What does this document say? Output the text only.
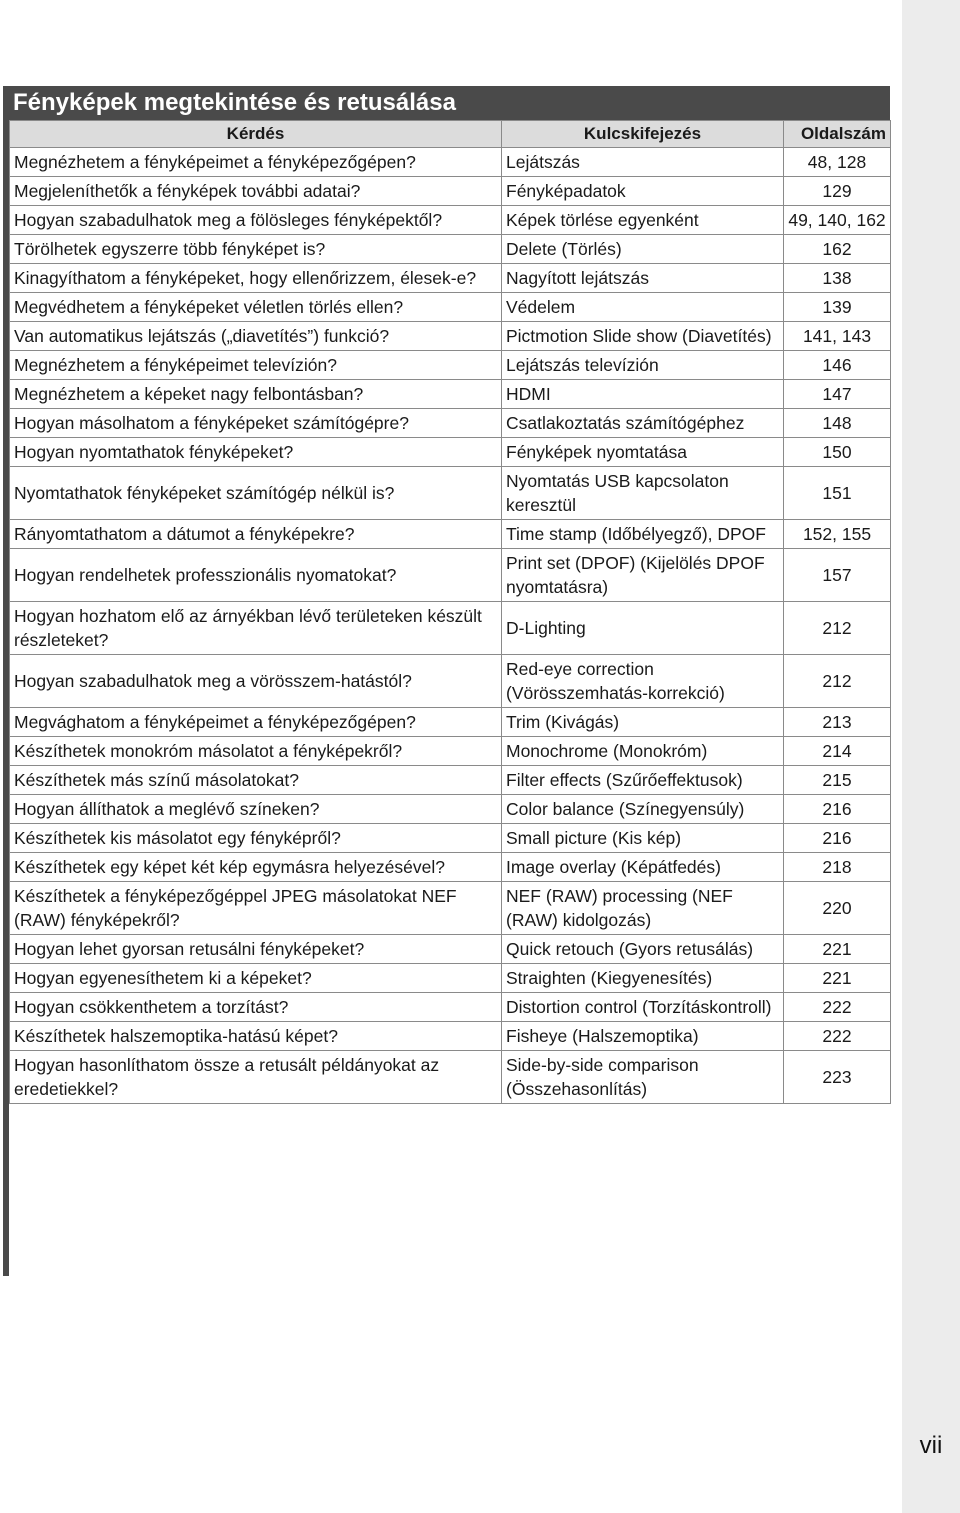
Fényképek megtekintése és retusálása
Kérdés	Kulcskifejezés	Oldalszám
Megnézhetem a fényképeimet a fényképezőgépen?	Lejátszás	48, 128
Megjeleníthetők a fényképek további adatai?	Fényképadatok	129
Hogyan szabadulhatok meg a fölösleges fényképektől?	Képek törlése egyenként	49, 140, 162
Törölhetek egyszerre több fényképet is?	Delete (Törlés)	162
Kinagyíthatom a fényképeket, hogy ellenőrizzem, élesek-e?	Nagyított lejátszás	138
Megvédhetem a fényképeket véletlen törlés ellen?	Védelem	139
Van automatikus lejátszás („diavetítés”) funkció?	Pictmotion Slide show (Diavetítés)	141, 143
Megnézhetem a fényképeimet televízión?	Lejátszás televízión	146
Megnézhetem a képeket nagy felbontásban?	HDMI	147
Hogyan másolhatom a fényképeket számítógépre?	Csatlakoztatás számítógéphez	148
Hogyan nyomtathatok fényképeket?	Fényképek nyomtatása	150
Nyomtathatok fényképeket számítógép nélkül is?	Nyomtatás USB kapcsolaton keresztül	151
Rányomtathatom a dátumot a fényképekre?	Time stamp (Időbélyegző), DPOF	152, 155
Hogyan rendelhetek professzionális nyomatokat?	Print set (DPOF) (Kijelölés DPOF nyomtatásra)	157
Hogyan hozhatom elő az árnyékban lévő területeken készült részleteket?	D-Lighting	212
Hogyan szabadulhatok meg a vörösszem-hatástól?	Red-eye correction (Vörösszemhatás-korrekció)	212
Megvághatom a fényképeimet a fényképezőgépen?	Trim (Kivágás)	213
Készíthetek monokróm másolatot a fényképekről?	Monochrome (Monokróm)	214
Készíthetek más színű másolatokat?	Filter effects (Szűrőeffektusok)	215
Hogyan állíthatok a meglévő színeken?	Color balance (Színegyensúly)	216
Készíthetek kis másolatot egy fényképről?	Small picture (Kis kép)	216
Készíthetek egy képet két kép egymásra helyezésével?	Image overlay (Képátfedés)	218
Készíthetek a fényképezőgéppel JPEG másolatokat NEF (RAW) fényképekről?	NEF (RAW) processing (NEF (RAW) kidolgozás)	220
Hogyan lehet gyorsan retusálni fényképeket?	Quick retouch (Gyors retusálás)	221
Hogyan egyenesíthetem ki a képeket?	Straighten (Kiegyenesítés)	221
Hogyan csökkenthetem a torzítást?	Distortion control (Torzításkontroll)	222
Készíthetek halszemoptika-hatású képet?	Fisheye (Halszemoptika)	222
Hogyan hasonlíthatom össze a retusált példányokat az eredetiekkel?	Side-by-side comparison (Összehasonlítás)	223
vii
